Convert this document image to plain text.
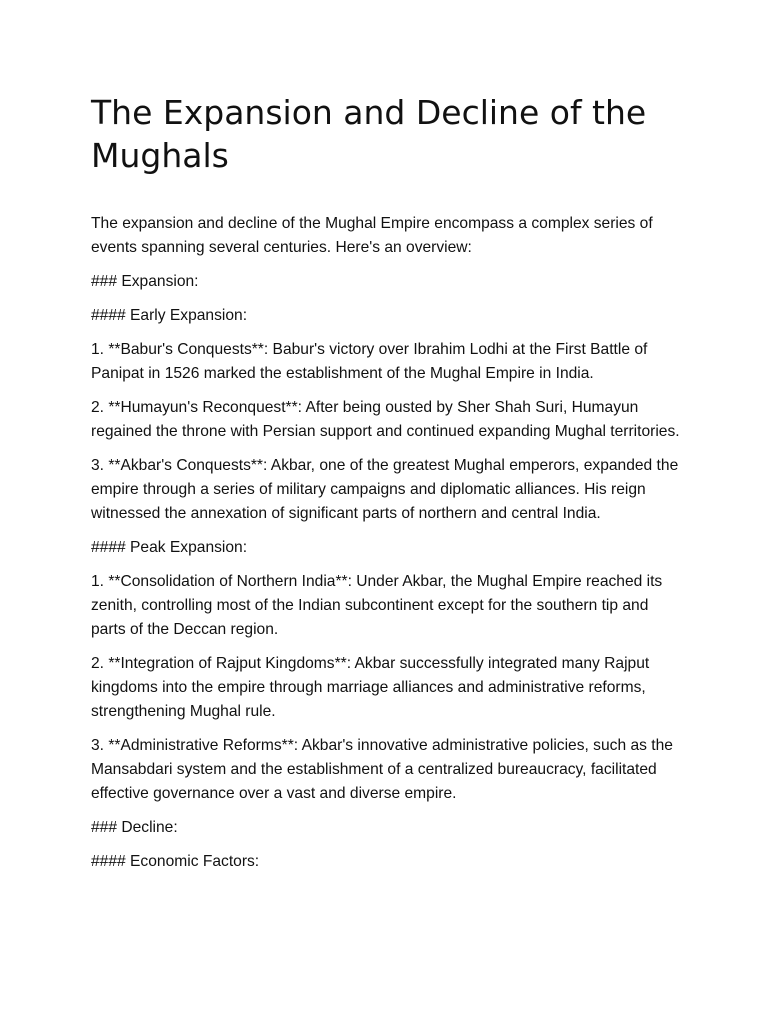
The Expansion and Decline of the Mughals

The expansion and decline of the Mughal Empire encompass a complex series of events spanning several centuries. Here's an overview:

### Expansion:

#### Early Expansion:

1. **Babur's Conquests**: Babur's victory over Ibrahim Lodhi at the First Battle of Panipat in 1526 marked the establishment of the Mughal Empire in India.

2. **Humayun's Reconquest**: After being ousted by Sher Shah Suri, Humayun regained the throne with Persian support and continued expanding Mughal territories.

3. **Akbar's Conquests**: Akbar, one of the greatest Mughal emperors, expanded the empire through a series of military campaigns and diplomatic alliances. His reign witnessed the annexation of significant parts of northern and central India.

#### Peak Expansion:

1. **Consolidation of Northern India**: Under Akbar, the Mughal Empire reached its zenith, controlling most of the Indian subcontinent except for the southern tip and parts of the Deccan region.

2. **Integration of Rajput Kingdoms**: Akbar successfully integrated many Rajput kingdoms into the empire through marriage alliances and administrative reforms, strengthening Mughal rule.

3. **Administrative Reforms**: Akbar's innovative administrative policies, such as the Mansabdari system and the establishment of a centralized bureaucracy, facilitated effective governance over a vast and diverse empire.

### Decline:

#### Economic Factors:
